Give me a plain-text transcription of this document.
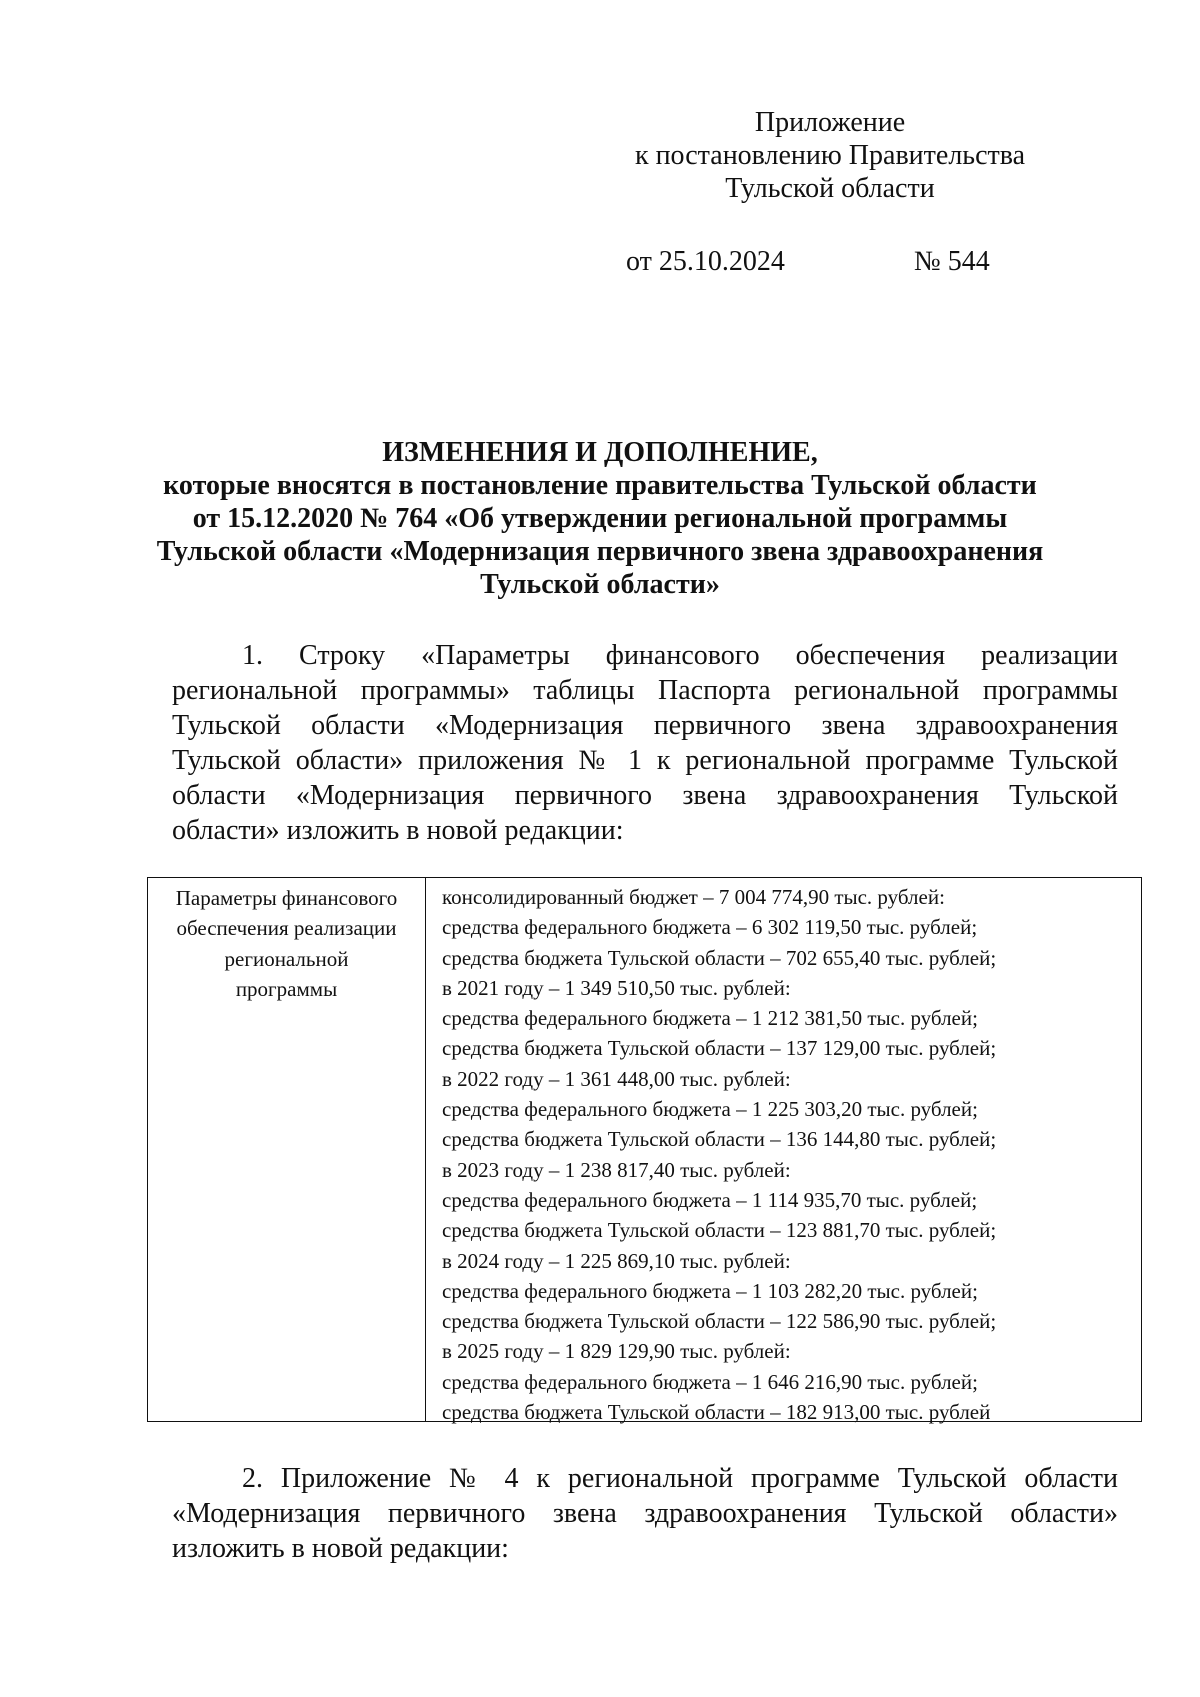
Приложение
к постановлению Правительства
Тульской области
от 25.10.2024	№ 544
ИЗМЕНЕНИЯ И ДОПОЛНЕНИЕ,
которые вносятся в постановление правительства Тульской области
от 15.12.2020 № 764 «Об утверждении региональной программы
Тульской области «Модернизация первичного звена здравоохранения
Тульской области»
1. Строку «Параметры финансового обеспечения реализации
региональной программы» таблицы Паспорта региональной программы
Тульской области «Модернизация первичного звена здравоохранения
Тульской области» приложения № 1 к региональной программе Тульской
области «Модернизация первичного звена здравоохранения Тульской
области» изложить в новой редакции:
Параметры финансового
обеспечения реализации
региональной
программы
консолидированный бюджет – 7 004 774,90 тыс. рублей:
средства федерального бюджета – 6 302 119,50 тыс. рублей;
средства бюджета Тульской области – 702 655,40 тыс. рублей;
в 2021 году – 1 349 510,50 тыс. рублей:
средства федерального бюджета – 1 212 381,50 тыс. рублей;
средства бюджета Тульской области – 137 129,00 тыс. рублей;
в 2022 году – 1 361 448,00 тыс. рублей:
средства федерального бюджета – 1 225 303,20 тыс. рублей;
средства бюджета Тульской области – 136 144,80 тыс. рублей;
в 2023 году – 1 238 817,40 тыс. рублей:
средства федерального бюджета – 1 114 935,70 тыс. рублей;
средства бюджета Тульской области – 123 881,70 тыс. рублей;
в 2024 году – 1 225 869,10 тыс. рублей:
средства федерального бюджета – 1 103 282,20 тыс. рублей;
средства бюджета Тульской области – 122 586,90 тыс. рублей;
в 2025 году – 1 829 129,90 тыс. рублей:
средства федерального бюджета – 1 646 216,90 тыс. рублей;
средства бюджета Тульской области – 182 913,00 тыс. рублей
2. Приложение № 4 к региональной программе Тульской области
«Модернизация первичного звена здравоохранения Тульской области»
изложить в новой редакции:
